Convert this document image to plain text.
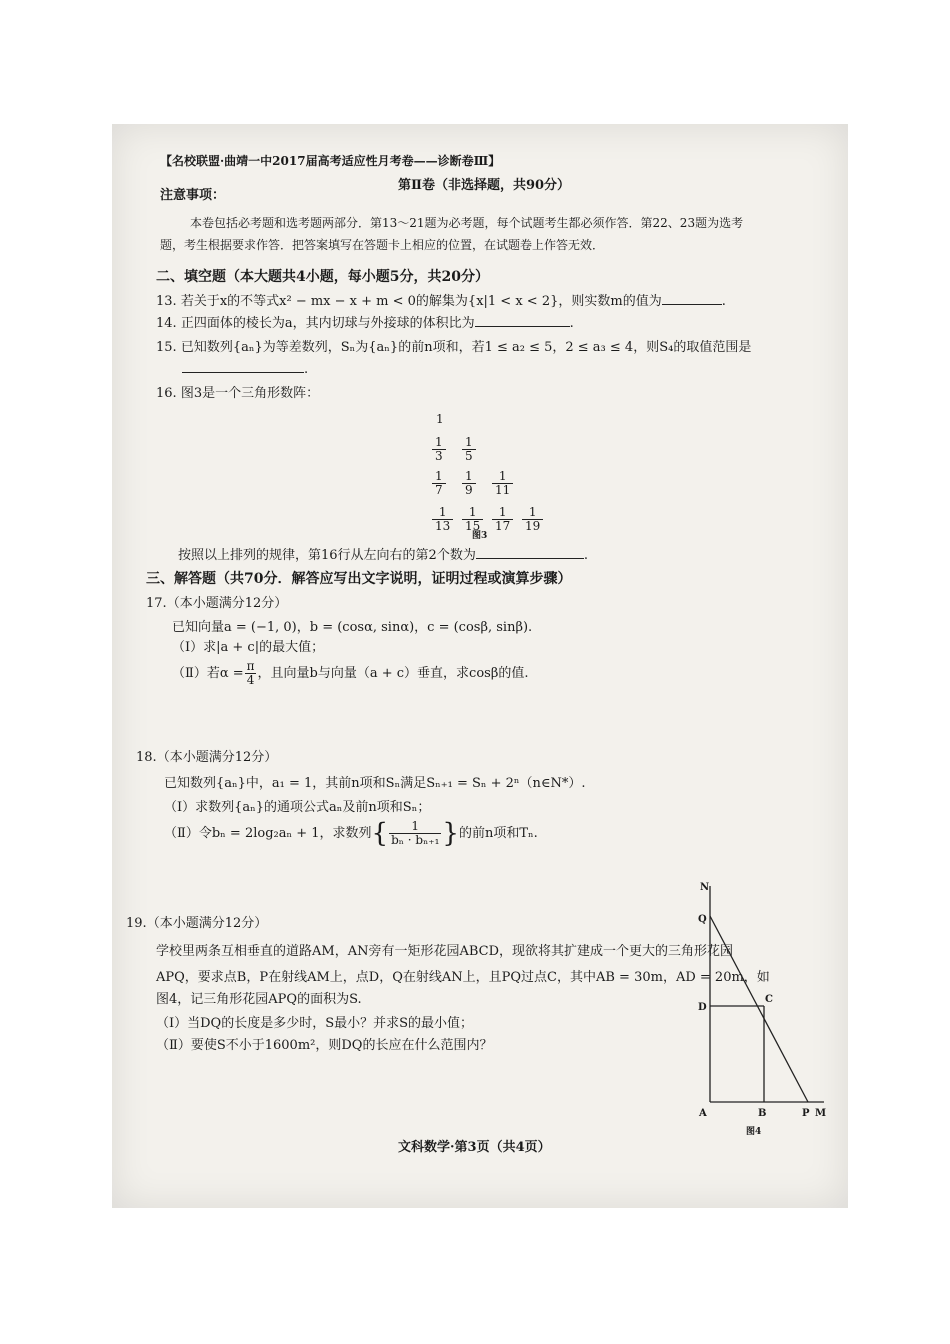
【名校联盟·曲靖一中2017届高考适应性月考卷——诊断卷Ⅲ】
第Ⅱ卷（非选择题，共90分）
注意事项：
本卷包括必考题和选考题两部分．第13～21题为必考题，每个试题考生都必须作答．第22、23题为选考
题，考生根据要求作答．把答案填写在答题卡上相应的位置，在试题卷上作答无效．
二、填空题（本大题共4小题，每小题5分，共20分）
13. 若关于x的不等式x² − mx − x + m < 0的解集为{x|1 < x < 2}，则实数m的值为	.
14. 正四面体的棱长为a，其内切球与外接球的体积比为	.
15. 已知数列{aₙ}为等差数列，Sₙ为{aₙ}的前n项和，若1 ≤ a₂ ≤ 5，2 ≤ a₃ ≤ 4，则S₄的取值范围是
.
16. 图3是一个三角形数阵：
1
$\frac{1}{3} \frac{1}{5}$
$\frac{1}{7} \frac{1}{9} \frac{1}{11}$
$\frac{1}{13} \frac{1}{15} \frac{1}{17} \frac{1}{19}$
图3
按照以上排列的规律，第16行从左向右的第2个数为	.
三、解答题（共70分．解答应写出文字说明，证明过程或演算步骤）
17.（本小题满分12分）
已知向量a = (−1, 0)，b = (cosα, sinα)，c = (cosβ, sinβ).
（Ⅰ）求|a + c|的最大值；
（Ⅱ）若$\alpha = \frac{\pi}{4}$ ，且向量b与向量（a + c）垂直，求cosβ的值.
18.（本小题满分12分）
已知数列{aₙ}中，a₁ = 1，其前n项和Sₙ满足Sₙ₊₁ = Sₙ + 2ⁿ（n∈N*）.
（Ⅰ）求数列{aₙ}的通项公式aₙ及前n项和Sₙ；
（Ⅱ）令bₙ = 2log₂aₙ + 1，求数列{ $\frac{1}{\text{bₙ · bₙ₊₁}}$ }的前n项和Tₙ.
19.（本小题满分12分）
学校里两条互相垂直的道路AM，AN旁有一矩形花园ABCD，现欲将其扩建成一个更大的三角形花园
APQ，要求点B，P在射线AM上，点D，Q在射线AN上，且PQ过点C，其中AB = 30m，AD = 20m，如
图4，记三角形花园APQ的面积为S.
（Ⅰ）当DQ的长度是多少时，S最小？并求S的最小值；
（Ⅱ）要使S不小于1600m²，则DQ的长应在什么范围内？
N
Q
D
C
A	B	P M
图4
文科数学·第3页（共4页）
